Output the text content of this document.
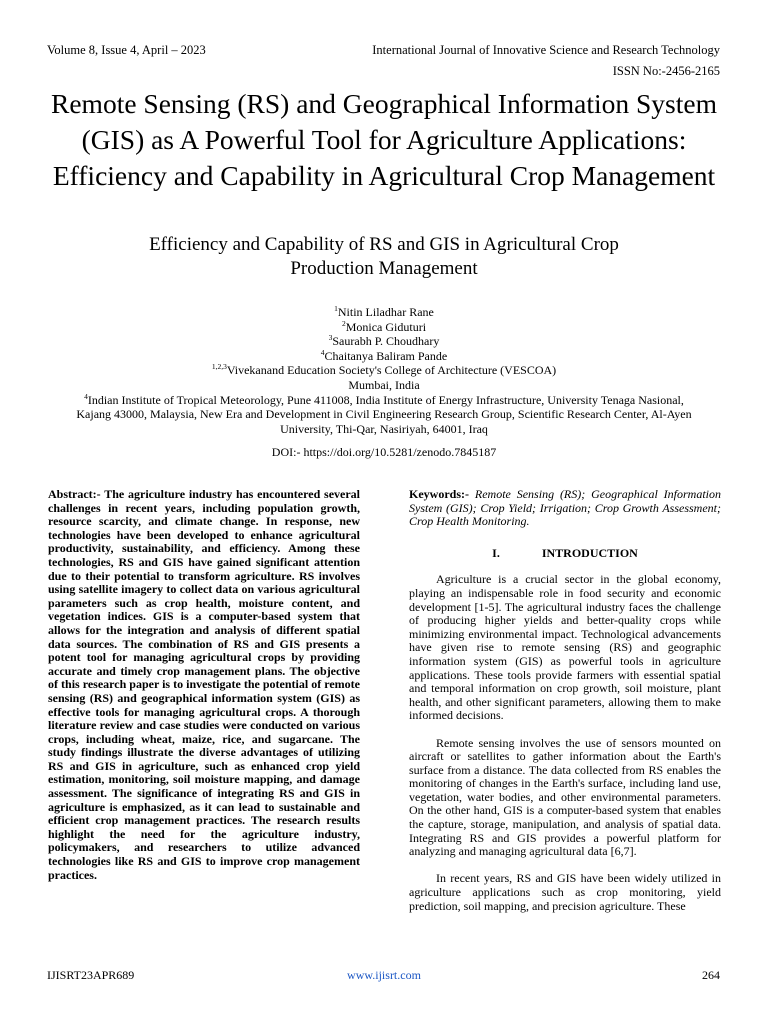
Volume 8, Issue 4, April – 2023	International Journal of Innovative Science and Research Technology
ISSN No:-2456-2165
Remote Sensing (RS) and Geographical Information System (GIS) as A Powerful Tool for Agriculture Applications: Efficiency and Capability in Agricultural Crop Management
Efficiency and Capability of RS and GIS in Agricultural Crop Production Management
$^1$Nitin Liladhar Rane
$^2$Monica Giduturi
$^3$Saurabh P. Choudhary
$^4$Chaitanya Baliram Pande
$^{1,2,3}$Vivekanand Education Society's College of Architecture (VESCOA)
Mumbai, India
$^4$Indian Institute of Tropical Meteorology, Pune 411008, India Institute of Energy Infrastructure, University Tenaga Nasional,
Kajang 43000, Malaysia, New Era and Development in Civil Engineering Research Group, Scientific Research Center, Al-Ayen
University, Thi-Qar, Nasiriyah, 64001, Iraq
DOI:- https://doi.org/10.5281/zenodo.7845187

Abstract:- The agriculture industry has encountered several challenges in recent years, including population growth, resource scarcity, and climate change. In response, new technologies have been developed to enhance agricultural productivity, sustainability, and efficiency. Among these technologies, RS and GIS have gained significant attention due to their potential to transform agriculture. RS involves using satellite imagery to collect data on various agricultural parameters such as crop health, moisture content, and vegetation indices. GIS is a computer-based system that allows for the integration and analysis of different spatial data sources. The combination of RS and GIS presents a potent tool for managing agricultural crops by providing accurate and timely crop management plans. The objective of this research paper is to investigate the potential of remote sensing (RS) and geographical information system (GIS) as effective tools for managing agricultural crops. A thorough literature review and case studies were conducted on various crops, including wheat, maize, rice, and sugarcane. The study findings illustrate the diverse advantages of utilizing RS and GIS in agriculture, such as enhanced crop yield estimation, monitoring, soil moisture mapping, and damage assessment. The significance of integrating RS and GIS in agriculture is emphasized, as it can lead to sustainable and efficient crop management practices. The research results highlight the need for the agriculture industry, policymakers, and researchers to utilize advanced technologies like RS and GIS to improve crop management practices.

Keywords:- Remote Sensing (RS); Geographical Information System (GIS); Crop Yield; Irrigation; Crop Growth Assessment; Crop Health Monitoring.

I.	INTRODUCTION

Agriculture is a crucial sector in the global economy, playing an indispensable role in food security and economic development [1-5]. The agricultural industry faces the challenge of producing higher yields and better-quality crops while minimizing environmental impact. Technological advancements have given rise to remote sensing (RS) and geographic information system (GIS) as powerful tools in agriculture applications. These tools provide farmers with essential spatial and temporal information on crop growth, soil moisture, plant health, and other significant parameters, allowing them to make informed decisions.

Remote sensing involves the use of sensors mounted on aircraft or satellites to gather information about the Earth's surface from a distance. The data collected from RS enables the monitoring of changes in the Earth's surface, including land use, vegetation, water bodies, and other environmental parameters. On the other hand, GIS is a computer-based system that enables the capture, storage, manipulation, and analysis of spatial data. Integrating RS and GIS provides a powerful platform for analyzing and managing agricultural data [6,7].

In recent years, RS and GIS have been widely utilized in agriculture applications such as crop monitoring, yield prediction, soil mapping, and precision agriculture. These

IJISRT23APR689	www.ijisrt.com	264
